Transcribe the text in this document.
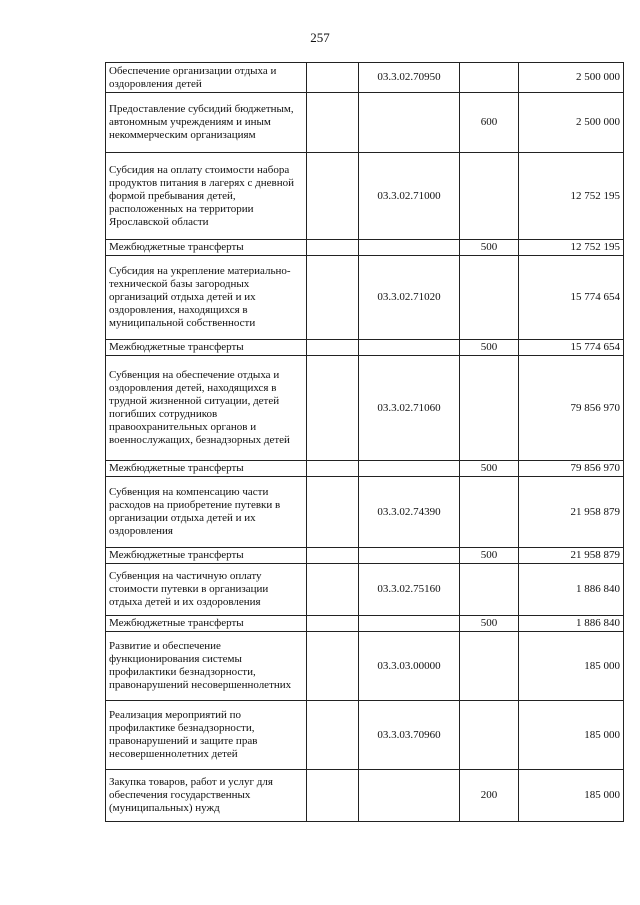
257
Обеспечение организации отдыха и оздоровления детей		03.3.02.70950		2 500 000
Предоставление субсидий бюджетным, автономным учреждениям и иным некоммерческим организациям			600	2 500 000
Субсидия на оплату стоимости набора продуктов питания в лагерях с дневной формой пребывания детей, расположенных на территории Ярославской области		03.3.02.71000		12 752 195
Межбюджетные трансферты			500	12 752 195
Субсидия на укрепление материально-технической базы загородных организаций отдыха детей и их оздоровления, находящихся в муниципальной собственности		03.3.02.71020		15 774 654
Межбюджетные трансферты			500	15 774 654
Субвенция на обеспечение отдыха и оздоровления детей, находящихся в трудной жизненной ситуации, детей погибших сотрудников правоохранительных органов и военнослужащих, безнадзорных детей		03.3.02.71060		79 856 970
Межбюджетные трансферты			500	79 856 970
Субвенция на компенсацию части расходов на приобретение путевки в организации отдыха детей и их оздоровления		03.3.02.74390		21 958 879
Межбюджетные трансферты			500	21 958 879
Субвенция на частичную оплату стоимости путевки в организации отдыха детей и их оздоровления		03.3.02.75160		1 886 840
Межбюджетные трансферты			500	1 886 840
Развитие и обеспечение функционирования системы профилактики безнадзорности, правонарушений несовершеннолетних		03.3.03.00000		185 000
Реализация мероприятий по профилактике безнадзорности, правонарушений и защите прав несовершеннолетних детей		03.3.03.70960		185 000
Закупка товаров, работ и услуг для обеспечения государственных (муниципальных) нужд			200	185 000
